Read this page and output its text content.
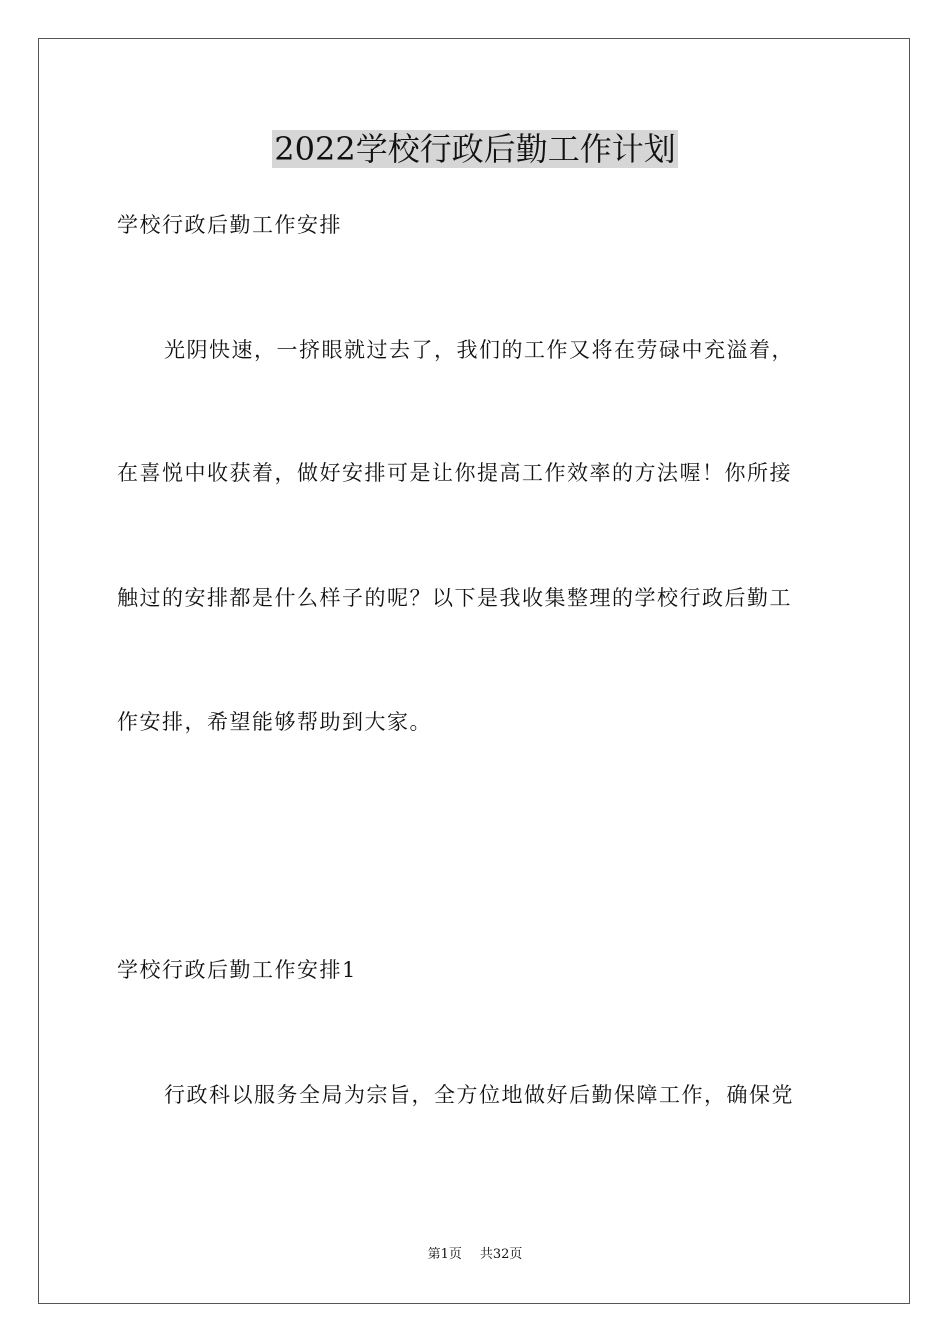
2022学校行政后勤工作计划
学校行政后勤工作安排
光阴快速，一挤眼就过去了，我们的工作又将在劳碌中充溢着，
在喜悦中收获着，做好安排可是让你提高工作效率的方法喔！你所接
触过的安排都是什么样子的呢？以下是我收集整理的学校行政后勤工
作安排，希望能够帮助到大家。
学校行政后勤工作安排1
行政科以服务全局为宗旨，全方位地做好后勤保障工作，确保党
第1页 共32页
